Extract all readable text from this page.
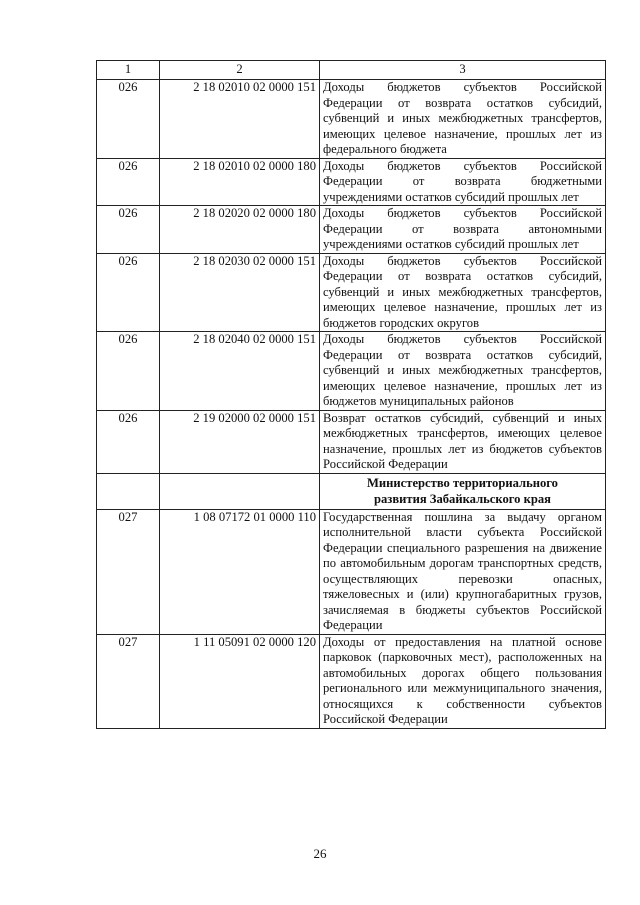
1	2	3
026	2 18 02010 02 0000 151	Доходы бюджетов субъектов Российской Федерации от возврата остатков субсидий, субвенций и иных межбюджетных трансфертов, имеющих целевое назначение, прошлых лет из федерального бюджета
026	2 18 02010 02 0000 180	Доходы бюджетов субъектов Российской Федерации от возврата бюджетными учреждениями остатков субсидий прошлых лет
026	2 18 02020 02 0000 180	Доходы бюджетов субъектов Российской Федерации от возврата автономными учреждениями остатков субсидий прошлых лет
026	2 18 02030 02 0000 151	Доходы бюджетов субъектов Российской Федерации от возврата остатков субсидий, субвенций и иных межбюджетных трансфертов, имеющих целевое назначение, прошлых лет из бюджетов городских округов
026	2 18 02040 02 0000 151	Доходы бюджетов субъектов Российской Федерации от возврата остатков субсидий, субвенций и иных межбюджетных трансфертов, имеющих целевое назначение, прошлых лет из бюджетов муниципальных районов
026	2 19 02000 02 0000 151	Возврат остатков субсидий, субвенций и иных межбюджетных трансфертов, имеющих целевое назначение, прошлых лет из бюджетов субъектов Российской Федерации
		Министерство территориального
развития Забайкальского края
027	1 08 07172 01 0000 110	Государственная пошлина за выдачу органом исполнительной власти субъекта Российской Федерации специального разрешения на движение по автомобильным дорогам транспортных средств, осуществляющих перевозки опасных, тяжеловесных и (или) крупногабаритных грузов, зачисляемая в бюджеты субъектов Российской Федерации
027	1 11 05091 02 0000 120	Доходы от предоставления на платной основе парковок (парковочных мест), расположенных на автомобильных дорогах общего пользования регионального или межмуниципального значения, относящихся к собственности субъектов Российской Федерации
26
